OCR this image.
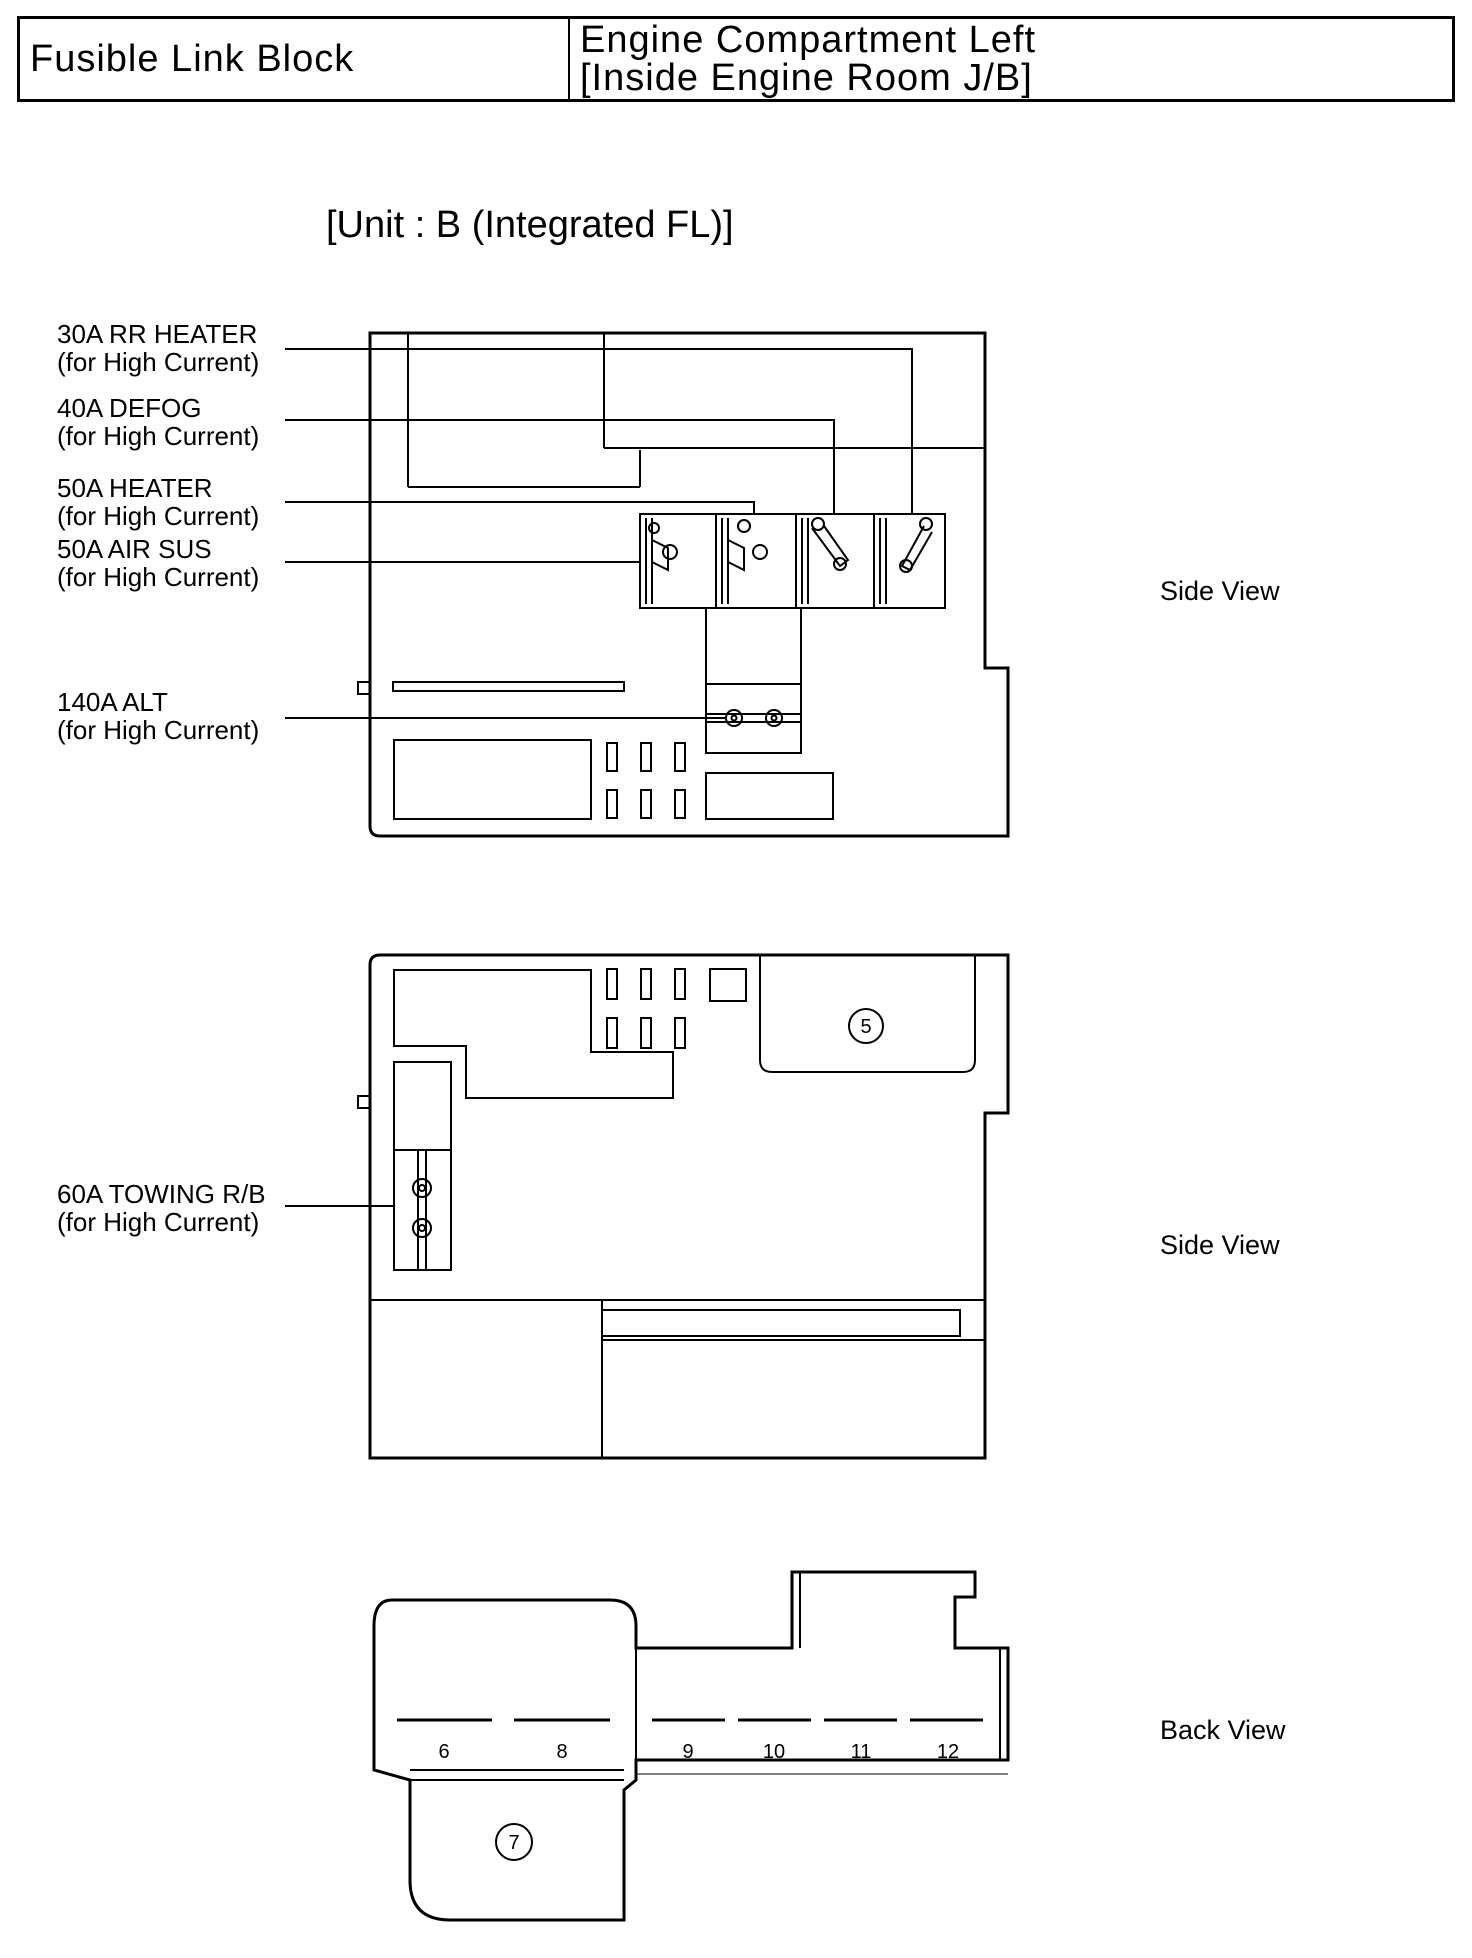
Fusible Link Block	Engine Compartment Left
[Inside Engine Room J/B]
[Unit : B (Integrated FL)]
30A RR HEATER
(for High Current)
40A DEFOG
(for High Current)
50A HEATER
(for High Current)
50A AIR SUS
(for High Current)
140A ALT
(for High Current)
60A TOWING R/B
(for High Current)
Side View
Side View
Back View
5
7
6	8	9	10	11	12
